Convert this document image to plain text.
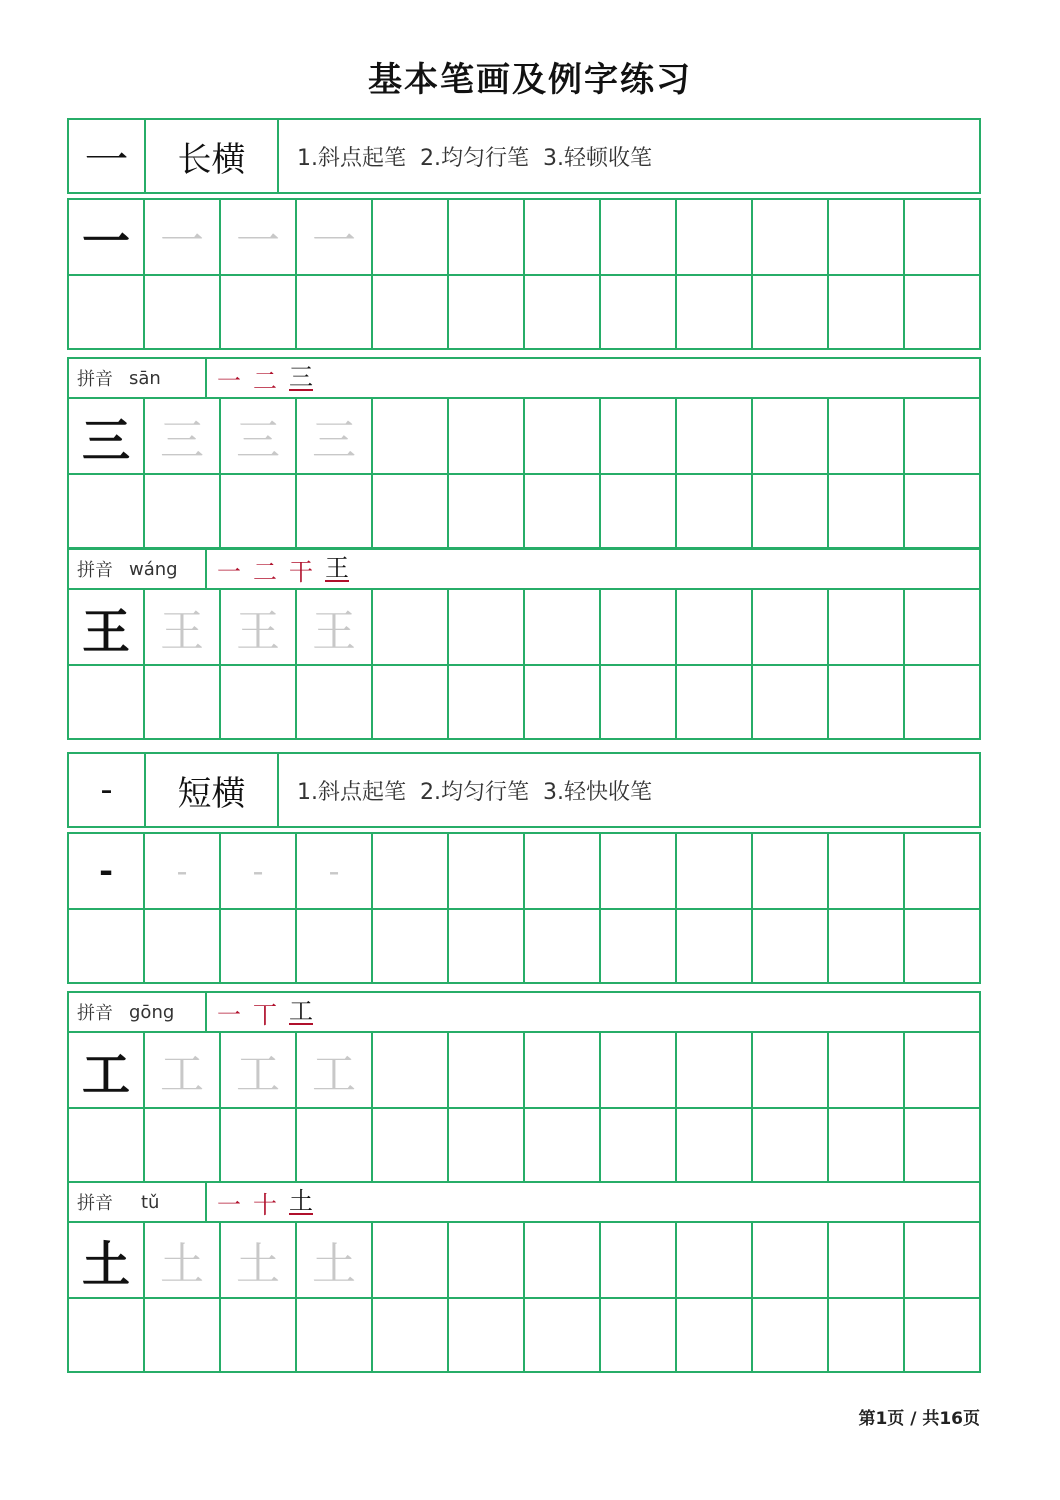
基本笔画及例字练习
一 长横 1.斜点起笔  2.均匀行笔  3.轻顿收笔
一 一 一 一
拼音 sān 一 二 三
三 三 三 三
拼音 wáng 一 二 干 王
王 王 王 王
- 短横 1.斜点起笔  2.均匀行笔  3.轻快收笔
- - - -
拼音 gōng 一 丅 工
工 工 工 工
拼音 tǔ 一 十 土
土 土 土 土
第1页 / 共16页
